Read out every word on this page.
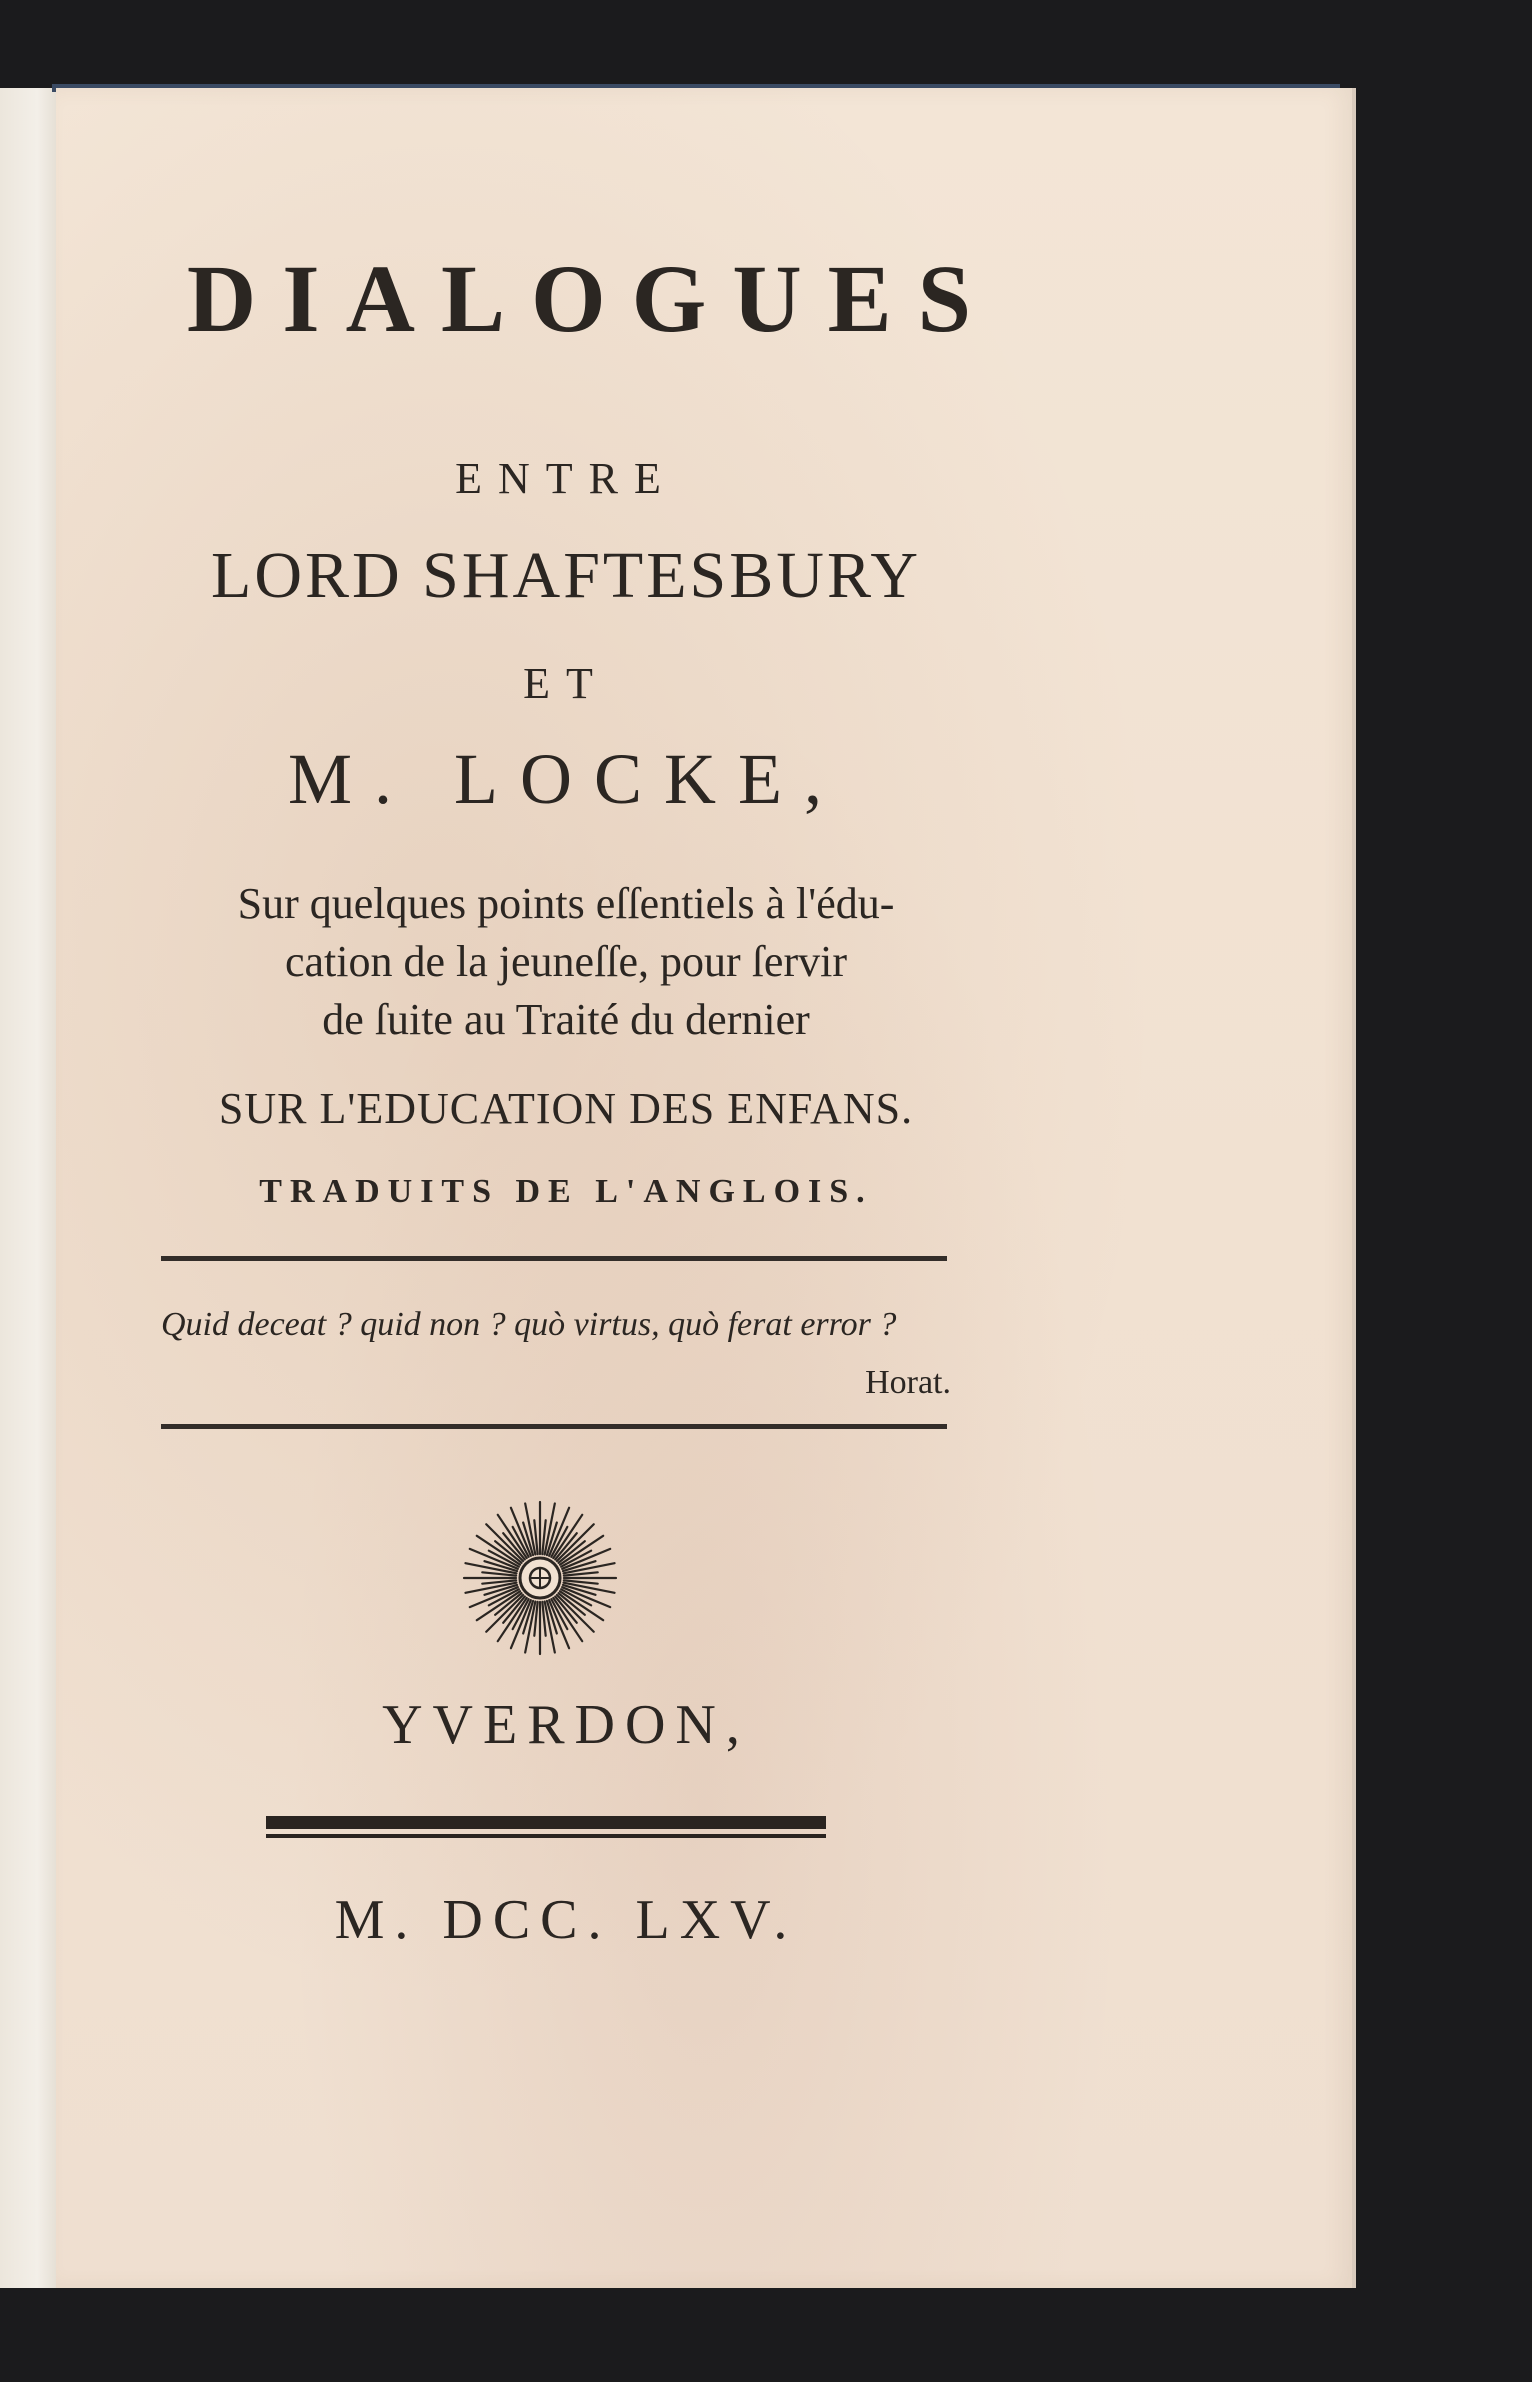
DIALOGUES
ENTRE
LORD SHAFTESBURY
ET
M. LOCKE,
Sur quelques points eſſentiels à l'édu-
cation de la jeuneſſe, pour ſervir
de ſuite au Traité du dernier
SUR L'EDUCATION DES ENFANS.
TRADUITS DE L'ANGLOIS.
Quid deceat ? quid non ? quò virtus, quò ferat error ?
Horat.
YVERDON,
M. DCC. LXV.
